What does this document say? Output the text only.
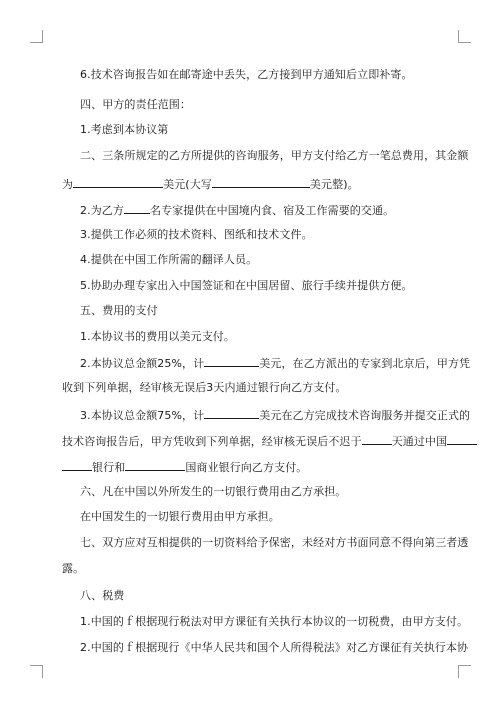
6.技术咨询报告如在邮寄途中丢失，乙方接到甲方通知后立即补寄。
四、甲方的责任范围：
1.考虑到本协议第
二、三条所规定的乙方所提供的咨询服务，甲方支付给乙方一笔总费用，其金额
为	美元(大写	美元整)。
2.为乙方 名专家提供在中国境内食、宿及工作需要的交通。
3.提供工作必须的技术资料、图纸和技术文件。
4.提供在中国工作所需的翻译人员。
5.协助办理专家出入中国签证和在中国居留、旅行手续并提供方便。
五、费用的支付
1.本协议书的费用以美元支付。
2.本协议总金额25%，计	美元，在乙方派出的专家到北京后，甲方凭
收到下列单据，经审核无误后3天内通过银行向乙方支付。
3.本协议总金额75%，计	美元在乙方完成技术咨询服务并提交正式的
技术咨询报告后，甲方凭收到下列单据，经审核无误后不迟于	天通过中国
银行和	国商业银行向乙方支付。
六、凡在中国以外所发生的一切银行费用由乙方承担。
在中国发生的一切银行费用由甲方承担。
七、双方应对互相提供的一切资料给予保密，未经对方书面同意不得向第三者透
露。
八、税费
1.中国的ｆ根据现行税法对甲方课征有关执行本协议的一切税费，由甲方支付。
2.中国的ｆ根据现行《中华人民共和国个人所得税法》对乙方课征有关执行本协
